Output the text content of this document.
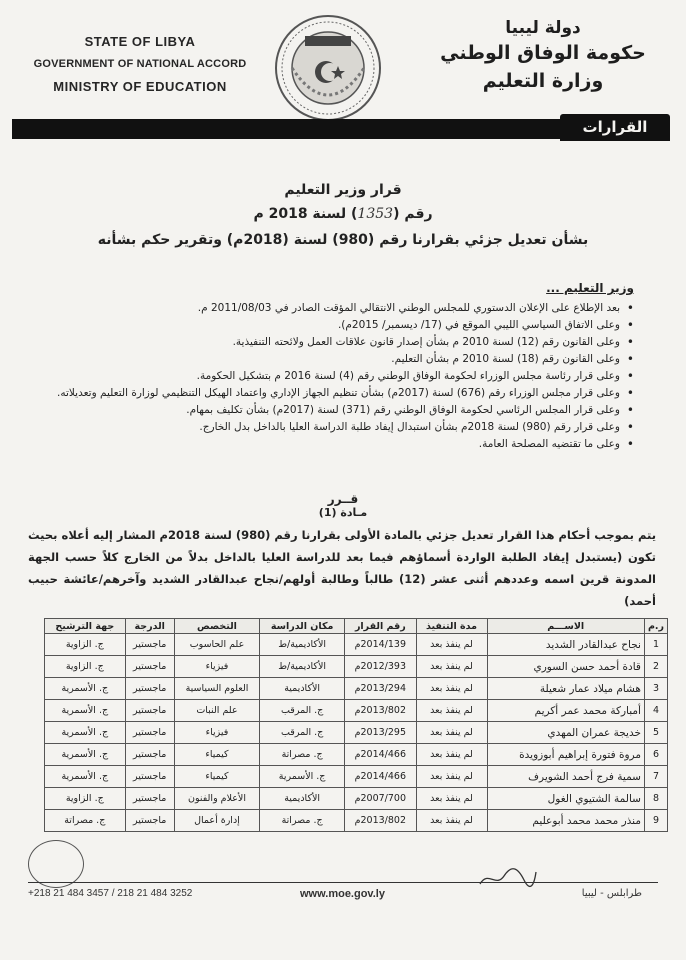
STATE OF LIBYA
GOVERNMENT OF NATIONAL ACCORD
MINISTRY OF EDUCATION
دولة ليبيا
حكومة الوفاق الوطني
وزارة التعليم
القرارات
قرار وزير التعليم
رقم (1353) لسنة 2018 م
بشأن تعديل جزئي بقرارنا رقم (980) لسنة (2018م) وتقرير حكم بشأنه
وزير التعليم ...
• بعد الإطلاع على الإعلان الدستوري للمجلس الوطني الانتقالي المؤقت الصادر في 2011/08/03 م.
• وعلى الاتفاق السياسي الليبي الموقع في (17/ ديسمبر/ 2015م).
• وعلى القانون رقم (12) لسنة 2010 م بشأن إصدار قانون علاقات العمل ولائحته التنفيذية.
• وعلى القانون رقم (18) لسنة 2010 م بشأن التعليم.
• وعلى قرار رئاسة مجلس الوزراء لحكومة الوفاق الوطني رقم (4) لسنة 2016 م بتشكيل الحكومة.
• وعلى قرار مجلس الوزراء رقم (676) لسنة (2017م) بشأن تنظيم الجهاز الإداري واعتماد الهيكل التنظيمي لوزارة التعليم وتعديلاته.
• وعلى قرار المجلس الرئاسي لحكومة الوفاق الوطني رقم (371) لسنة (2017م) بشأن تكليف بمهام.
• وعلى قرار رقم (980) لسنة 2018م بشأن استبدال إيفاد طلبة الدراسة العليا بالداخل بدل الخارج.
• وعلى ما تقتضيه المصلحة العامة.
قــرر
مـادة (1)
يتم بموجب أحكام هذا القرار تعديل جزئي بالمادة الأولى بقرارنا رقم (980) لسنة 2018م المشار إليه أعلاه بحيث تكون (يستبدل إيفاد الطلبة الواردة أسماؤهم فيما بعد للدراسة العليا بالداخل بدلاً من الخارج كلاً حسب الجهة المدونة قرين اسمه وعددهم أثنى عشر (12) طالباً وطالبة أولهم/نجاح عبدالقادر الشديد وآخرهم/عائشة حبيب أحمد)
ر.م	الاســـم	مدة التنفيذ	رقم القرار	مكان الدراسة	التخصص	الدرجة	جهة الترشيح
1	نجاح عبدالقادر الشديد	لم ينفذ بعد	2014/139م	الأكاديمية/ط	علم الحاسوب	ماجستير	ج. الزاوية
2	قادة أحمد حسن السوري	لم ينفذ بعد	2012/393م	الأكاديمية/ط	فيزياء	ماجستير	ج. الزاوية
3	هشام ميلاد عمار شعيلة	لم ينفذ بعد	2013/294م	الأكاديمية	العلوم السياسية	ماجستير	ج. الأسمرية
4	أمباركة محمد عمر أكريم	لم ينفذ بعد	2013/802م	ج. المرقب	علم النبات	ماجستير	ج. الأسمرية
5	خديجة عمران المهدي	لم ينفذ بعد	2013/295م	ج. المرقب	فيزياء	ماجستير	ج. الأسمرية
6	مروة فتورة إبراهيم أبوزويدة	لم ينفذ بعد	2014/466م	ج. مصراتة	كيمياء	ماجستير	ج. الأسمرية
7	سمية فرج أحمد الشويرف	لم ينفذ بعد	2014/466م	ج. الأسمرية	كيمياء	ماجستير	ج. الأسمرية
8	سالمة الشتيوي الغول	لم ينفذ بعد	2007/700م	الأكاديمية	الأعلام والفنون	ماجستير	ج. الزاوية
9	منذر محمد محمد أبوعليم	لم ينفذ بعد	2013/802م	ج. مصراتة	إدارة أعمال	ماجستير	ج. مصراتة
+218 21 484 3457 / 218 21 484 3252	www.moe.gov.ly	طرابلس - ليبيا
